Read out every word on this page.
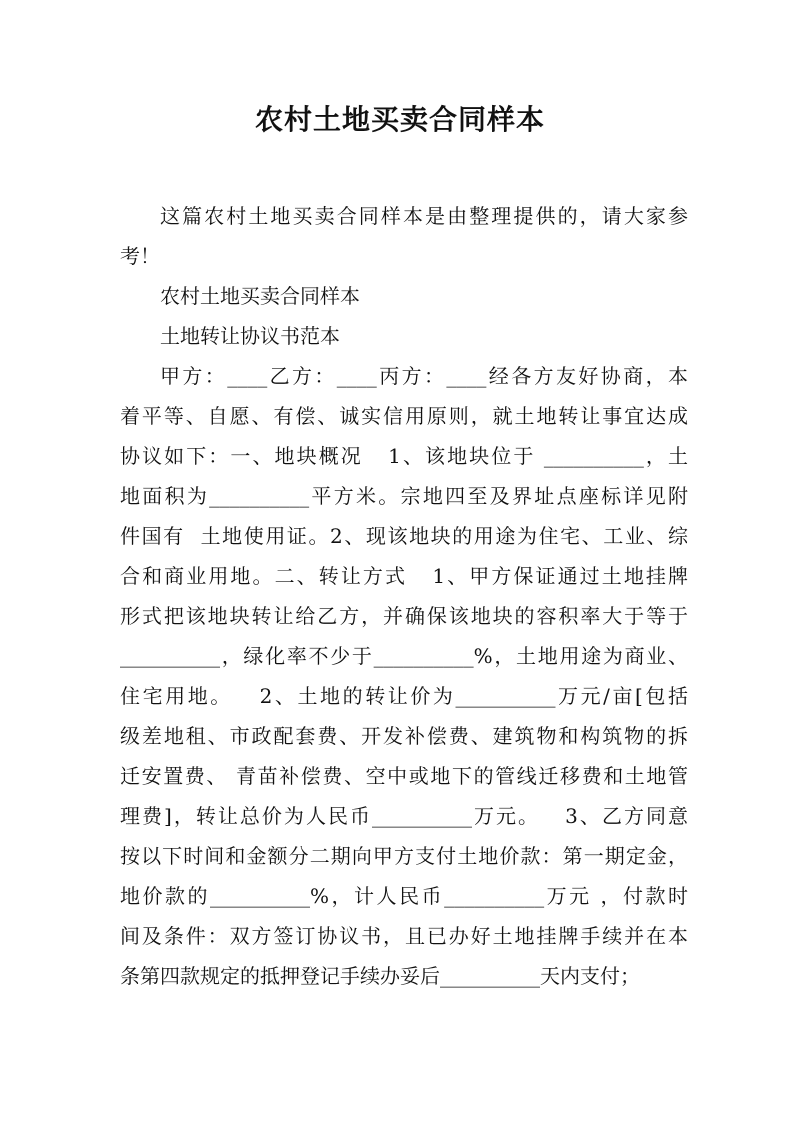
农村土地买卖合同样本
这篇农村土地买卖合同样本是由整理提供的，请大家参
考！
农村土地买卖合同样本
土地转让协议书范本
甲方：____乙方：____丙方：____经各方友好协商，本
着平等、自愿、有偿、诚实信用原则，就土地转让事宜达成
协议如下：一、地块概况   1、该地块位于 __________，土
地面积为__________平方米。宗地四至及界址点座标详见附
件国有  土地使用证。2、现该地块的用途为住宅、工业、综
合和商业用地。二、转让方式   1、甲方保证通过土地挂牌
形式把该地块转让给乙方，并确保该地块的容积率大于等于
__________，绿化率不少于__________%，土地用途为商业、
住宅用地。   2、土地的转让价为__________万元/亩[包括
级差地租、市政配套费、开发补偿费、建筑物和构筑物的拆
迁安置费、 青苗补偿费、空中或地下的管线迁移费和土地管
理费]，转让总价为人民币__________万元。   3、乙方同意
按以下时间和金额分二期向甲方支付土地价款：第一期定金，
地价款的__________%，计人民币__________万元 ，付款时
间及条件：双方签订协议书，且已办好土地挂牌手续并在本
条第四款规定的抵押登记手续办妥后__________天内支付；
